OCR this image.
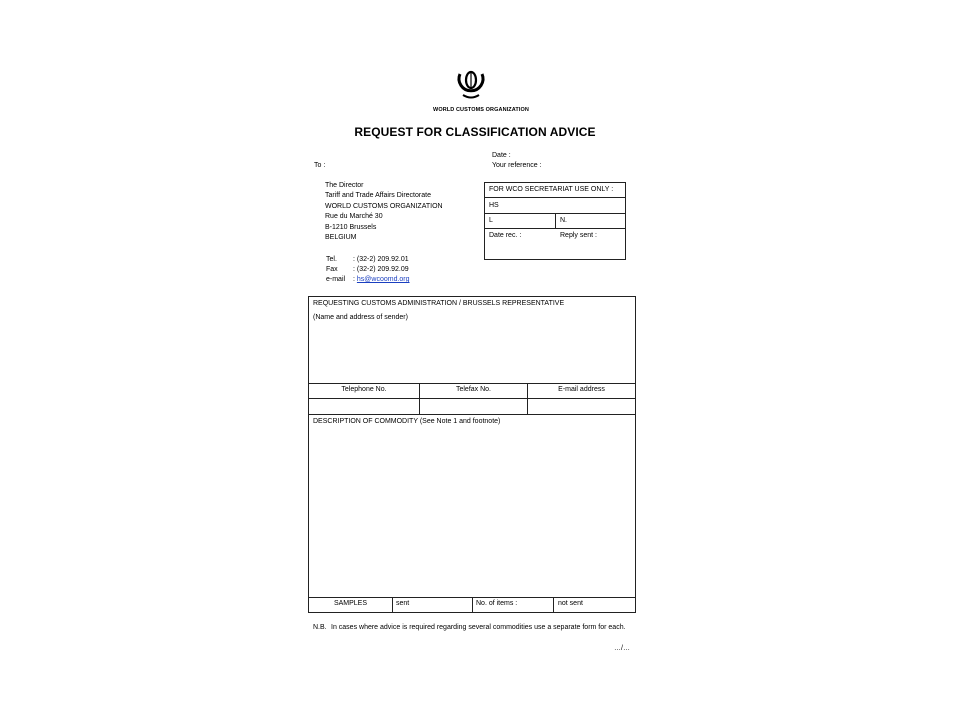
WORLD CUSTOMS ORGANIZATION
REQUEST FOR CLASSIFICATION ADVICE
To :
Date :
Your reference :
The Director
Tariff and Trade Affairs Directorate
WORLD CUSTOMS ORGANIZATION
Rue du Marché 30
B-1210 Brussels
BELGIUM
Tel. : (32-2) 209.92.01
Fax : (32-2) 209.92.09
e-mail : hs@wcoomd.org
FOR WCO SECRETARIAT USE ONLY :
HS
L	N.
Date rec. :	Reply sent :
REQUESTING CUSTOMS ADMINISTRATION / BRUSSELS REPRESENTATIVE
(Name and address of sender)
Telephone No.	Telefax No.	E-mail address
DESCRIPTION OF COMMODITY (See Note 1 and footnote)
SAMPLES	sent	No. of items :	not sent
N.B. In cases where advice is required regarding several commodities use a separate form for each.
…/…
